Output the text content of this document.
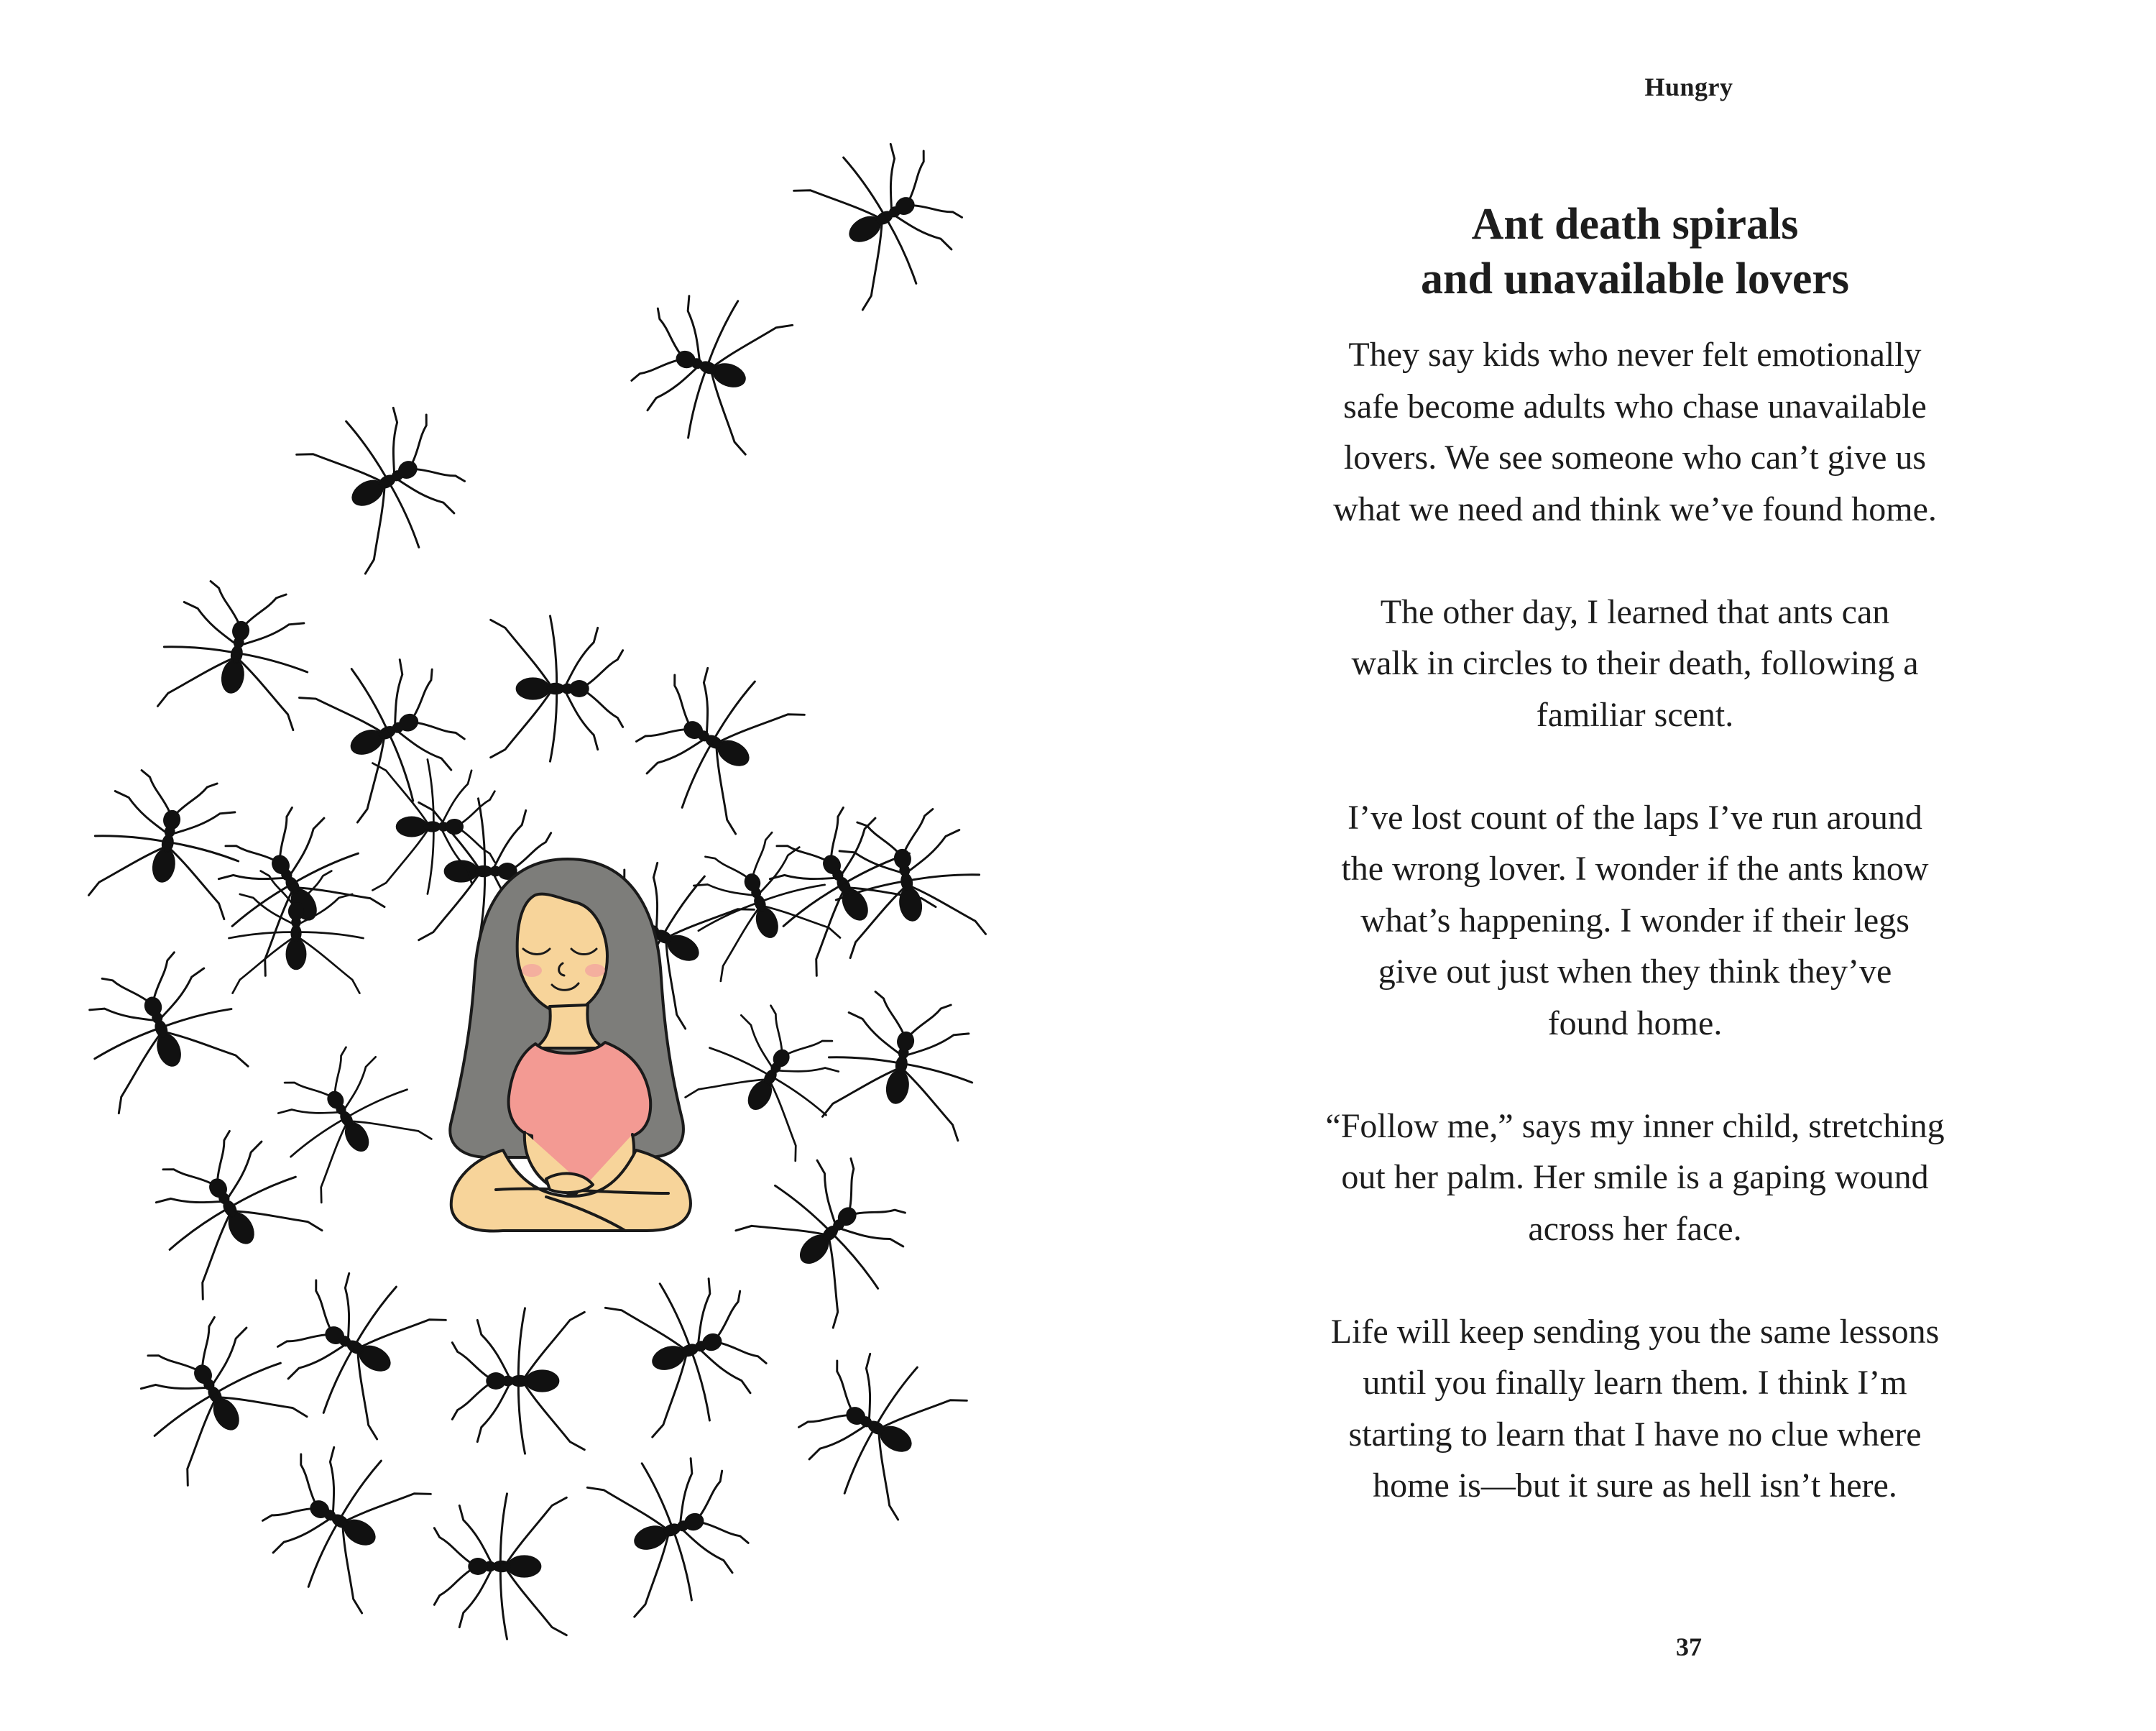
Hungry
Ant death spirals
and unavailable lovers

They say kids who never felt emotionally
safe become adults who chase unavailable
lovers. We see someone who can’t give us
what we need and think we’ve found home.

The other day, I learned that ants can
walk in circles to their death, following a
familiar scent.

I’ve lost count of the laps I’ve run around
the wrong lover. I wonder if the ants know
what’s happening. I wonder if their legs
give out just when they think they’ve
found home.

“Follow me,” says my inner child, stretching
out her palm. Her smile is a gaping wound
across her face.

Life will keep sending you the same lessons
until you finally learn them. I think I’m
starting to learn that I have no clue where
home is—but it sure as hell isn’t here.

37
